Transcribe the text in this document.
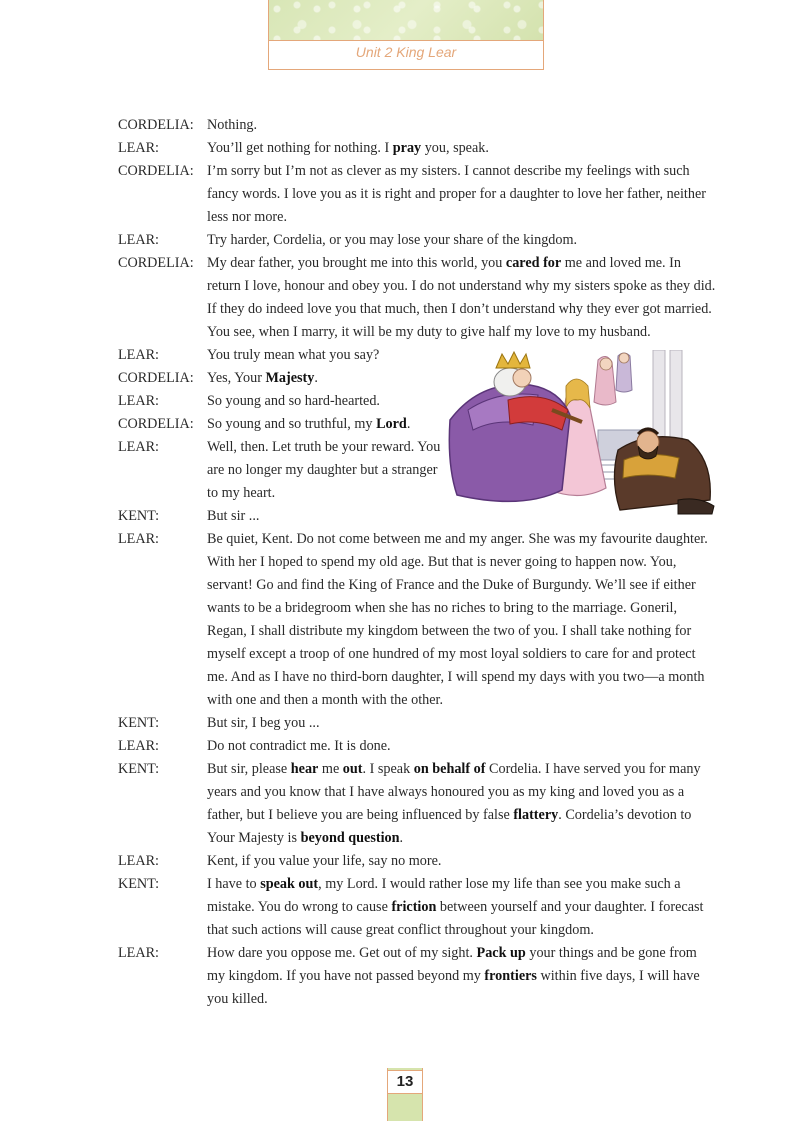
Unit 2 King Lear
CORDELIA: Nothing.
LEAR:	You’ll get nothing for nothing. I pray you, speak.
CORDELIA: I’m sorry but I’m not as clever as my sisters. I cannot describe my feelings with such fancy words. I love you as it is right and proper for a daughter to love her father, neither less nor more.
LEAR:	Try harder, Cordelia, or you may lose your share of the kingdom.
CORDELIA: My dear father, you brought me into this world, you cared for me and loved me. In return I love, honour and obey you. I do not understand why my sisters spoke as they did. If they do indeed love you that much, then I don’t understand why they ever got married. You see, when I marry, it will be my duty to give half my love to my husband.
LEAR:	You truly mean what you say?
CORDELIA: Yes, Your Majesty.
LEAR:	So young and so hard-hearted.
CORDELIA: So young and so truthful, my Lord.
LEAR:	Well, then. Let truth be your reward. You are no longer my daughter but a stranger to my heart.
KENT:	But sir ...
LEAR:	Be quiet, Kent. Do not come between me and my anger. She was my favourite daughter. With her I hoped to spend my old age. But that is never going to happen now. You, servant! Go and find the King of France and the Duke of Burgundy. We’ll see if either wants to be a bridegroom when she has no riches to bring to the marriage. Goneril, Regan, I shall distribute my kingdom between the two of you. I shall take nothing for myself except a troop of one hundred of my most loyal soldiers to care for and protect me. And as I have no third-born daughter, I will spend my days with you two—a month with one and then a month with the other.
KENT:	But sir, I beg you ...
LEAR:	Do not contradict me. It is done.
KENT:	But sir, please hear me out. I speak on behalf of Cordelia. I have served you for many years and you know that I have always honoured you as my king and loved you as a father, but I believe you are being influenced by false flattery. Cordelia’s devotion to Your Majesty is beyond question.
LEAR:	Kent, if you value your life, say no more.
KENT:	I have to speak out, my Lord. I would rather lose my life than see you make such a mistake. You do wrong to cause friction between yourself and your daughter. I forecast that such actions will cause great conflict throughout your kingdom.
LEAR:	How dare you oppose me. Get out of my sight. Pack up your things and be gone from my kingdom. If you have not passed beyond my frontiers within five days, I will have you killed.
13
